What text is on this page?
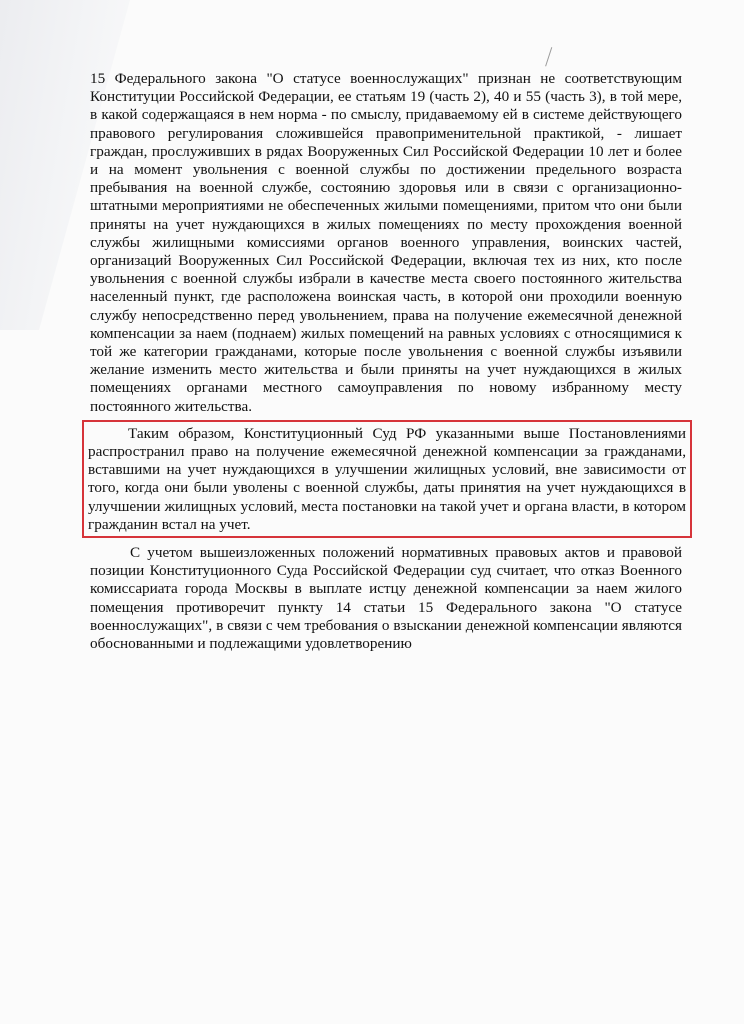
15 Федерального закона "О статусе военнослужащих" признан не соответствующим Конституции Российской Федерации, ее статьям 19 (часть 2), 40 и 55 (часть 3), в той мере, в какой содержащаяся в нем норма - по смыслу, придаваемому ей в системе действующего правового регулирования сложившейся правоприменительной практикой, - лишает граждан, прослуживших в рядах Вооруженных Сил Российской Федерации 10 лет и более и на момент увольнения с военной службы по достижении предельного возраста пребывания на военной службе, состоянию здоровья или в связи с организационно-штатными мероприятиями не обеспеченных жилыми помещениями, притом что они были приняты на учет нуждающихся в жилых помещениях по месту прохождения военной службы жилищными комиссиями органов военного управления, воинских частей, организаций Вооруженных Сил Российской Федерации, включая тех из них, кто после увольнения с военной службы избрали в качестве места своего постоянного жительства населенный пункт, где расположена воинская часть, в которой они проходили военную службу непосредственно перед увольнением, права на получение ежемесячной денежной компенсации за наем (поднаем) жилых помещений на равных условиях с относящимися к той же категории гражданами, которые после увольнения с военной службы изъявили желание изменить место жительства и были приняты на учет нуждающихся в жилых помещениях органами местного самоуправления по новому избранному месту постоянного жительства.

Таким образом, Конституционный Суд РФ указанными выше Постановлениями распространил право на получение ежемесячной денежной компенсации за гражданами, вставшими на учет нуждающихся в улучшении жилищных условий, вне зависимости от того, когда они были уволены с военной службы, даты принятия на учет нуждающихся в улучшении жилищных условий, места постановки на такой учет и органа власти, в котором гражданин встал на учет.

С учетом вышеизложенных положений нормативных правовых актов и правовой позиции Конституционного Суда Российской Федерации суд считает, что отказ Военного комиссариата города Москвы в выплате истцу денежной компенсации за наем жилого помещения противоречит пункту 14 статьи 15 Федерального закона "О статусе военнослужащих", в связи с чем требования о взыскании денежной компенсации являются обоснованными и подлежащими удовлетворению
